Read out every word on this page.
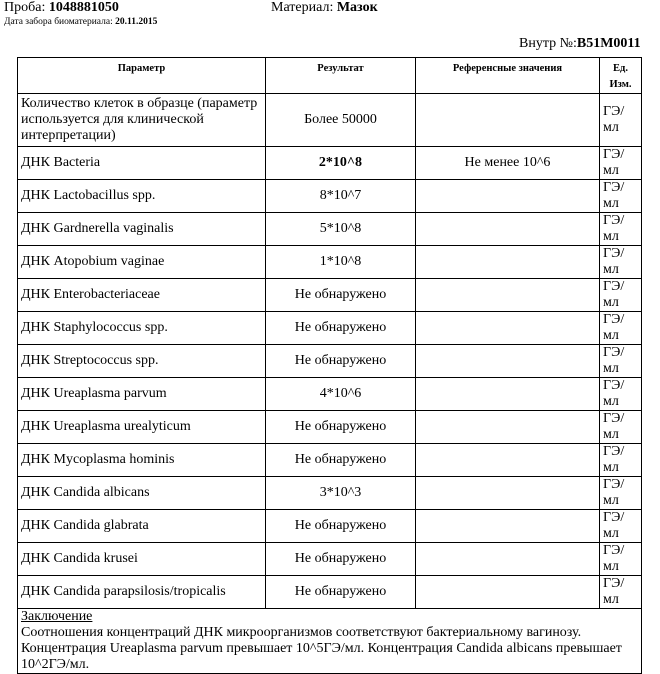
Проба: 1048881050	Материал: Мазок
Дата забора биоматериала: 20.11.2015
Внутр №:B51M0011
Параметр	Результат	Референсные значения	Ед. Изм.
Количество клеток в образце (параметр используется для клинической интерпретации)	Более 50000		ГЭ/мл
ДНК Bacteria	2*10^8	Не менее 10^6	ГЭ/мл
ДНК Lactobacillus spp.	8*10^7		ГЭ/мл
ДНК Gardnerella vaginalis	5*10^8		ГЭ/мл
ДНК Atopobium vaginae	1*10^8		ГЭ/мл
ДНК Enterobacteriaceae	Не обнаружено		ГЭ/мл
ДНК Staphylococcus spp.	Не обнаружено		ГЭ/мл
ДНК Streptococcus spp.	Не обнаружено		ГЭ/мл
ДНК Ureaplasma parvum	4*10^6		ГЭ/мл
ДНК Ureaplasma urealyticum	Не обнаружено		ГЭ/мл
ДНК Mycoplasma hominis	Не обнаружено		ГЭ/мл
ДНК Candida albicans	3*10^3		ГЭ/мл
ДНК Candida glabrata	Не обнаружено		ГЭ/мл
ДНК Candida krusei	Не обнаружено		ГЭ/мл
ДНК Candida parapsilosis/tropicalis	Не обнаружено		ГЭ/мл

Заключение
Соотношения концентраций ДНК микроорганизмов соответствуют бактериальному вагинозу.
Концентрация Ureaplasma parvum превышает 10^5ГЭ/мл. Концентрация Candida albicans превышает 10^2ГЭ/мл.			
